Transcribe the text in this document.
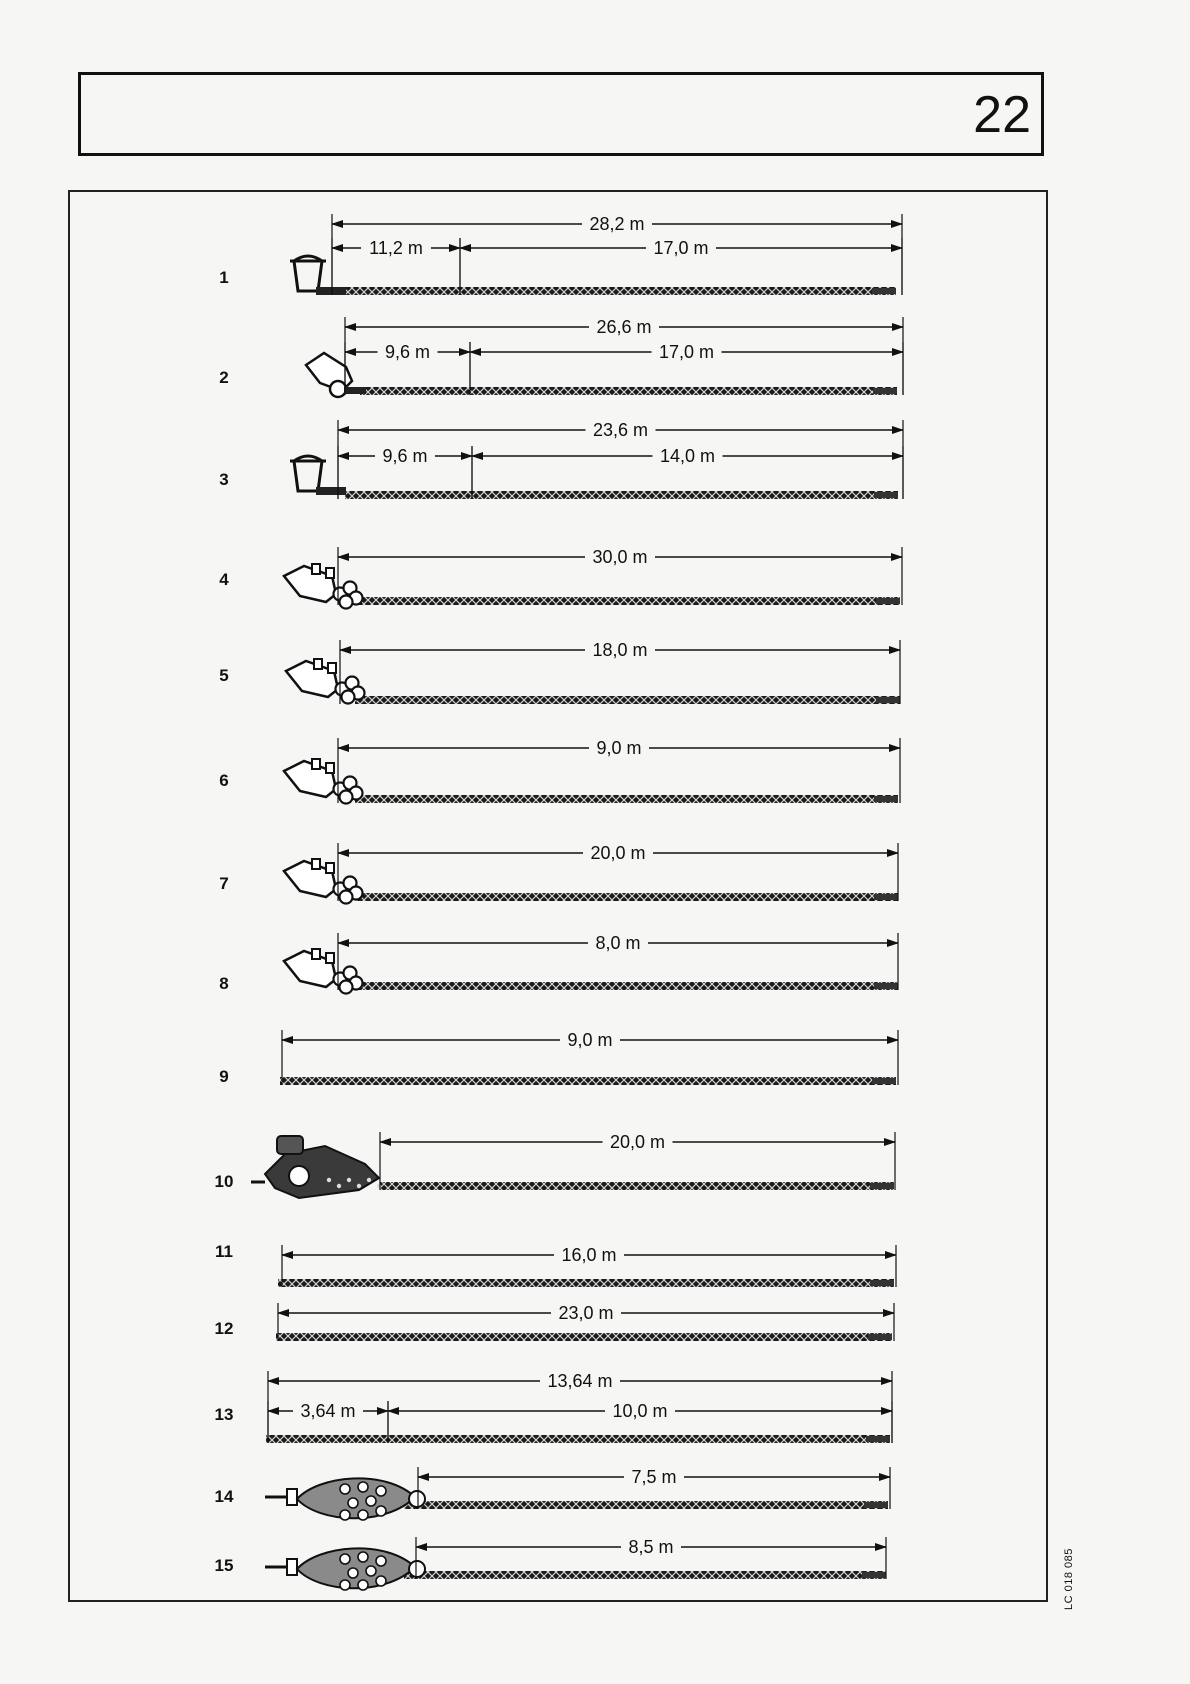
22
1
28,2 m
11,2 m	17,0 m
2
26,6 m
9,6 m	17,0 m
3
23,6 m
9,6 m	14,0 m
4
30,0 m
5
18,0 m
6
9,0 m
7
20,0 m
8
8,0 m
9
9,0 m
10
20,0 m
11	16,0 m
12
23,0 m
13
13,64 m
3,64 m	10,0 m
14
7,5 m
15
8,5 m
LC 018 085
